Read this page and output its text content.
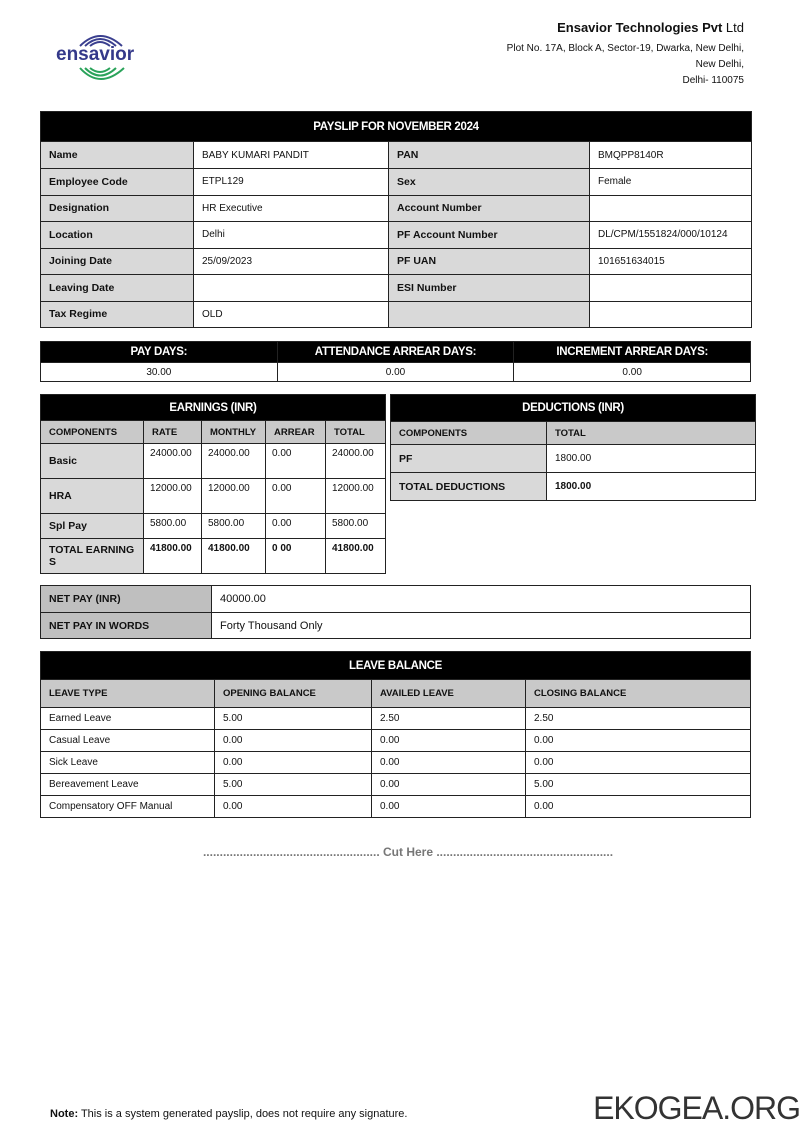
ensavior
Ensavior Technologies Pvt Ltd
Plot No. 17A, Block A, Sector-19, Dwarka, New Delhi,
New Delhi,
Delhi- 110075
PAYSLIP FOR NOVEMBER 2024			
Name	BABY KUMARI PANDIT	PAN	BMQPP8140R
Employee Code	ETPL129	Sex	Female
Designation	HR Executive	Account Number	
Location	Delhi	PF Account Number	DL/CPM/1551824/000/10124
Joining Date	25/09/2023	PF UAN	101651634015
Leaving Date		ESI Number	
Tax Regime	OLD		
PAY DAYS:	ATTENDANCE ARREAR DAYS:	INCREMENT ARREAR DAYS:
30.00	0.00	0.00
EARNINGS (INR)				
COMPONENTS	RATE	MONTHLY	ARREAR	TOTAL
Basic	24000.00	24000.00	0.00	24000.00
HRA	12000.00	12000.00	0.00	12000.00
Spl Pay	5800.00	5800.00	0.00	5800.00
TOTAL EARNINGS	41800.00	41800.00	0 00	41800.00
DEDUCTIONS (INR)	
COMPONENTS	TOTAL
PF	1800.00
TOTAL DEDUCTIONS	1800.00
NET PAY (INR)	40000.00
NET PAY IN WORDS	Forty Thousand Only
LEAVE BALANCE			
LEAVE TYPE	OPENING BALANCE	AVAILED LEAVE	CLOSING BALANCE
Earned Leave	5.00	2.50	2.50
Casual Leave	0.00	0.00	0.00
Sick Leave	0.00	0.00	0.00
Bereavement Leave	5.00	0.00	5.00
Compensatory OFF Manual	0.00	0.00	0.00
..................................................... Cut Here .....................................................
Note: This is a system generated payslip, does not require any signature.	EKOGEA.ORG
